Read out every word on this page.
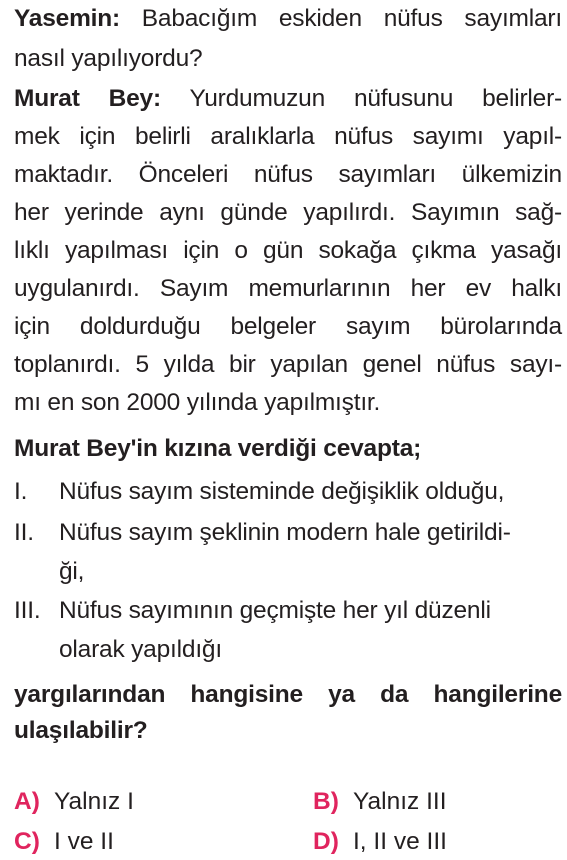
Yasemin: Babacığım eskiden nüfus sayımları
nasıl yapılıyordu?
Murat Bey: Yurdumuzun nüfusunu belirler-
mek için belirli aralıklarla nüfus sayımı yapıl-
maktadır. Önceleri nüfus sayımları ülkemizin
her yerinde aynı günde yapılırdı. Sayımın sağ-
lıklı yapılması için o gün sokağa çıkma yasağı
uygulanırdı. Sayım memurlarının her ev halkı
için doldurduğu belgeler sayım bürolarında
toplanırdı. 5 yılda bir yapılan genel nüfus sayı-
mı en son 2000 yılında yapılmıştır.
Murat Bey'in kızına verdiği cevapta;
I.	Nüfus sayım sisteminde değişiklik olduğu,
II.	Nüfus sayım şeklinin modern hale getirildi-
ği,
III. Nüfus sayımının geçmişte her yıl düzenli
olarak yapıldığı
yargılarından hangisine ya da hangilerine
ulaşılabilir?
A) Yalnız I	B) Yalnız III
C) I ve II	D) I, II ve III
